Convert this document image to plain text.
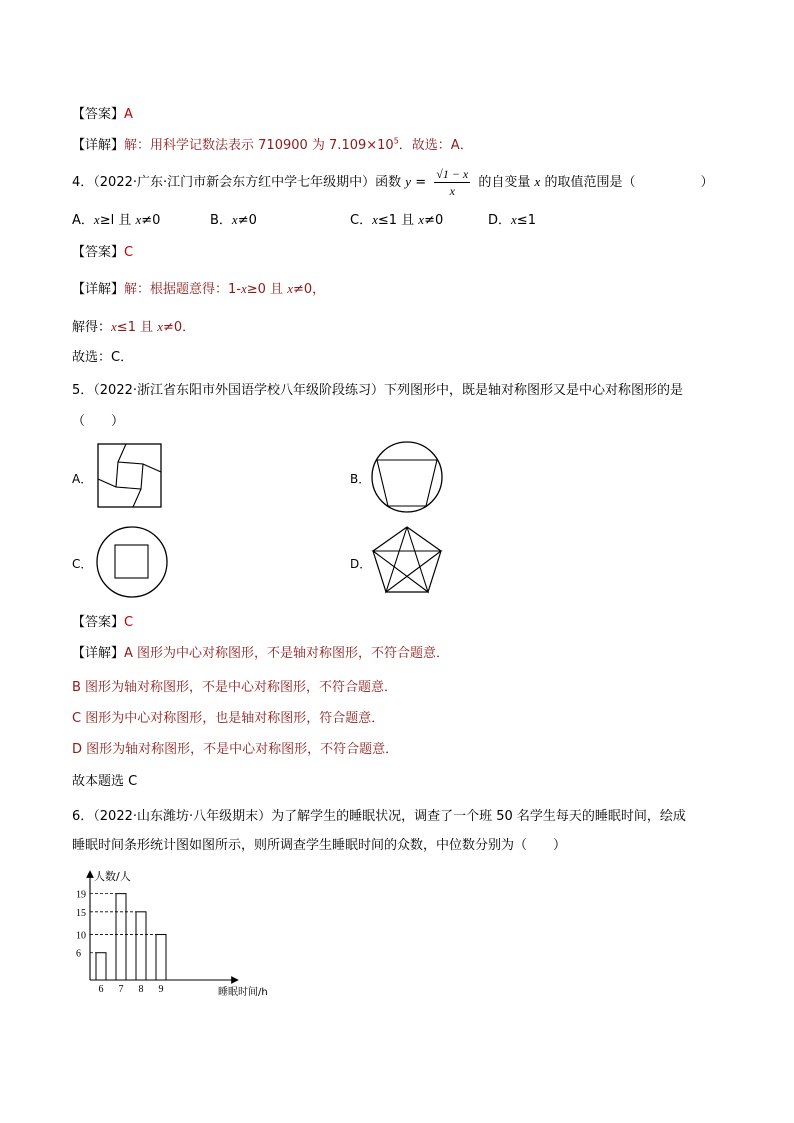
【答案】A
【详解】解：用科学记数法表示 710900 为 $7.109\times 10^5$．故选：A．
4．（2022·广东·江门市新会东方红中学七年级期中）函数 $y = \frac{√1 - x}{x}$ 的自变量 x 的取值范围是（　　　　　）
A．x≥l 且 x≠0	B．x≠0	C．x≤1 且 x≠0	D．x≤1
【答案】C
【详解】解：根据题意得：1-x≥0 且 x≠0，
解得：x≤1 且 x≠0．
故选：C．
5．（2022·浙江省东阳市外国语学校八年级阶段练习）下列图形中，既是轴对称图形又是中心对称图形的是
（　　）
A．	B．
C．	D．
【答案】C
【详解】A 图形为中心对称图形，不是轴对称图形，不符合题意．
B 图形为轴对称图形，不是中心对称图形，不符合题意．
C 图形为中心对称图形，也是轴对称图形，符合题意．
D 图形为轴对称图形，不是中心对称图形，不符合题意．
故本题选 C
6．（2022·山东潍坊·八年级期末）为了解学生的睡眠状况，调查了一个班 50 名学生每天的睡眠时间，绘成
睡眠时间条形统计图如图所示，则所调查学生睡眠时间的众数，中位数分别为（　　）
人数/人
睡眠时间/h
6
10
15
19
6 7 8 9
